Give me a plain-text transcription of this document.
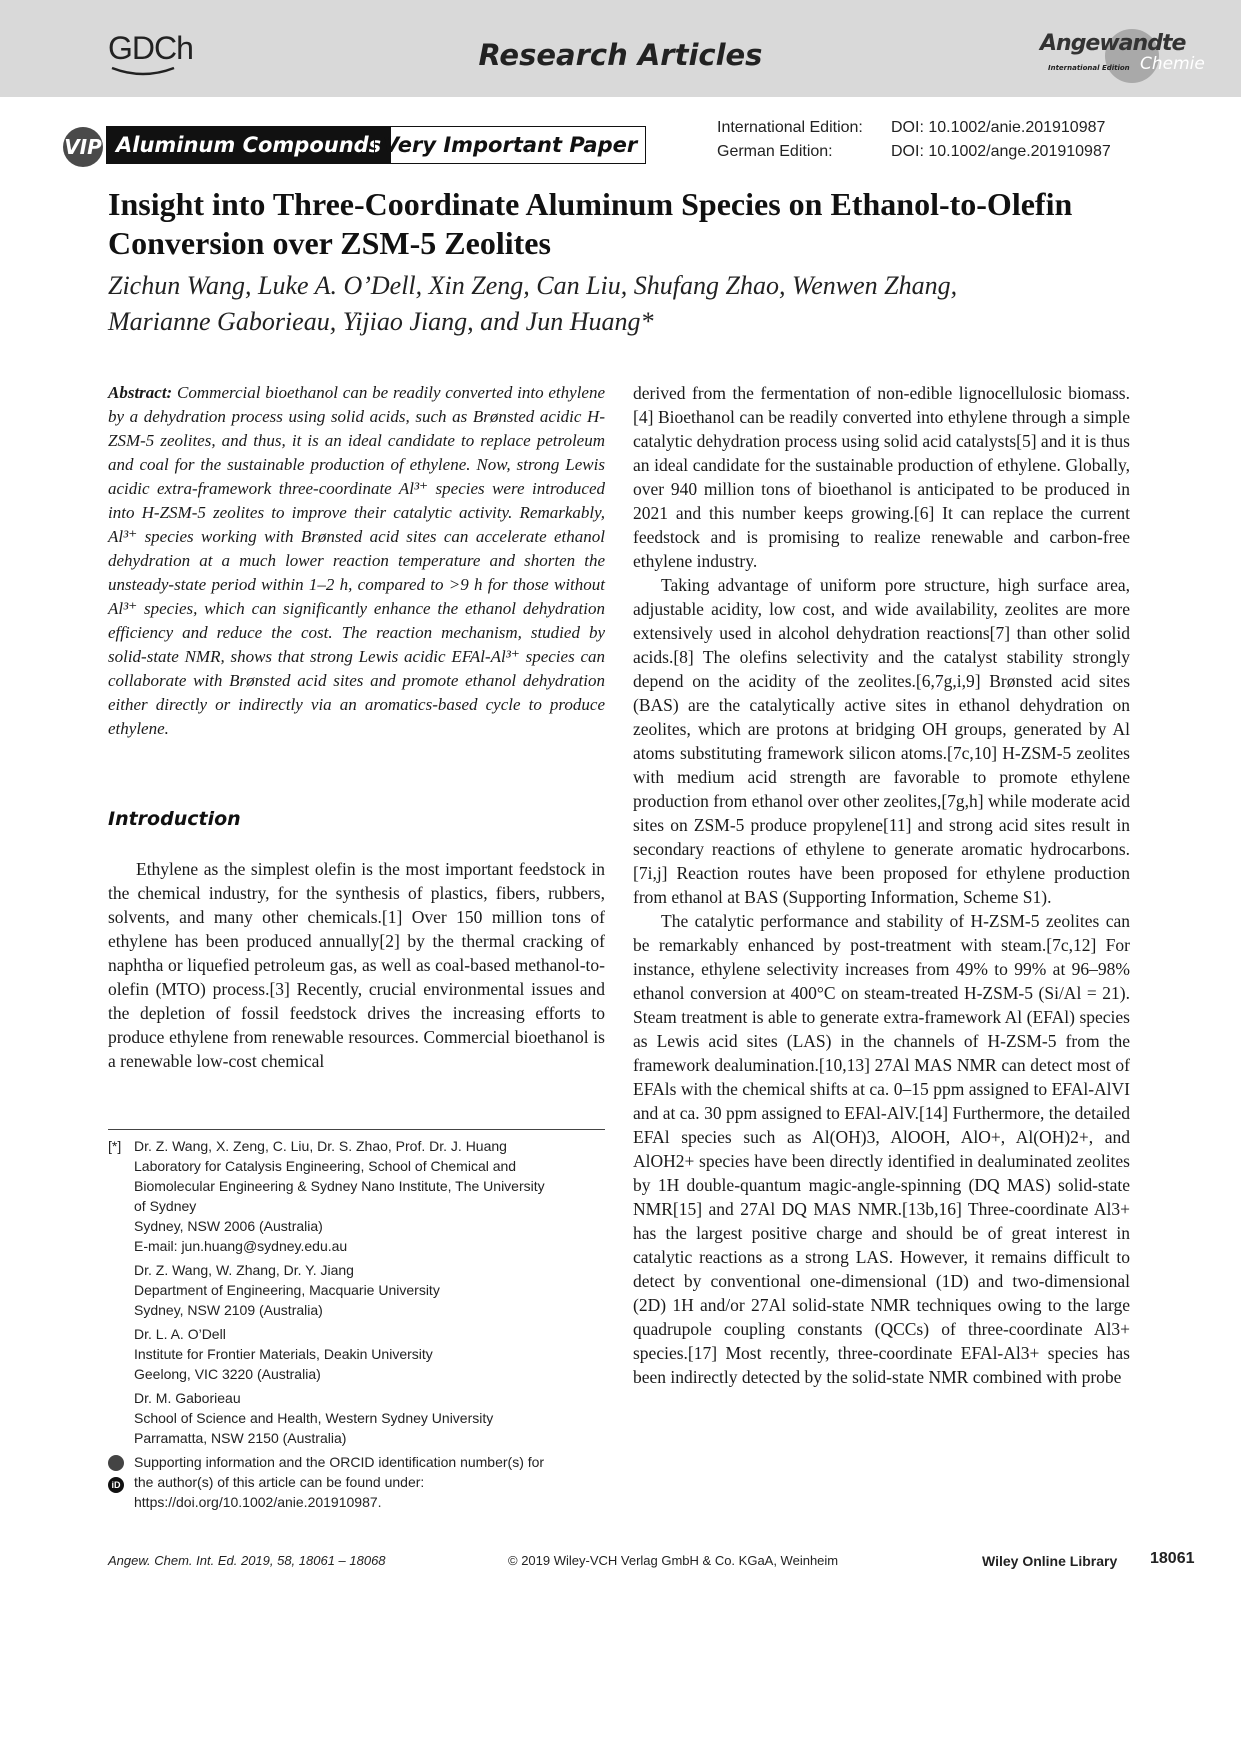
GDCh	Research Articles	Angewandte
International Edition Chemie
VIP Aluminum Compounds Very Important Paper
International Edition: DOI: 10.1002/anie.201910987
German Edition:	DOI: 10.1002/ange.201910987
Insight into Three-Coordinate Aluminum Species on Ethanol-to-Olefin Conversion over ZSM-5 Zeolites
Zichun Wang, Luke A. O’Dell, Xin Zeng, Can Liu, Shufang Zhao, Wenwen Zhang,
Marianne Gaborieau, Yijiao Jiang, and Jun Huang*

Abstract: Commercial bioethanol can be readily converted into ethylene by a dehydration process using solid acids, such as Brønsted acidic H-ZSM-5 zeolites, and thus, it is an ideal candidate to replace petroleum and coal for the sustainable production of ethylene. Now, strong Lewis acidic extra-framework three-coordinate Al³⁺ species were introduced into H-ZSM-5 zeolites to improve their catalytic activity. Remarkably, Al³⁺ species working with Brønsted acid sites can accelerate ethanol dehydration at a much lower reaction temperature and shorten the unsteady-state period within 1–2 h, compared to >9 h for those without Al³⁺ species, which can significantly enhance the ethanol dehydration efficiency and reduce the cost. The reaction mechanism, studied by solid-state NMR, shows that strong Lewis acidic EFAl-Al³⁺ species can collaborate with Brønsted acid sites and promote ethanol dehydration either directly or indirectly via an aromatics-based cycle to produce ethylene.

Introduction

Ethylene as the simplest olefin is the most important feedstock in the chemical industry, for the synthesis of plastics, fibers, rubbers, solvents, and many other chemicals.[1] Over 150 million tons of ethylene has been produced annually[2] by the thermal cracking of naphtha or liquefied petroleum gas, as well as coal-based methanol-to-olefin (MTO) process.[3] Recently, crucial environmental issues and the depletion of fossil feedstock drives the increasing efforts to produce ethylene from renewable resources. Commercial bioethanol is a renewable low-cost chemical

[*] Dr. Z. Wang, X. Zeng, C. Liu, Dr. S. Zhao, Prof. Dr. J. Huang
Laboratory for Catalysis Engineering, School of Chemical and
Biomolecular Engineering & Sydney Nano Institute, The University
of Sydney
Sydney, NSW 2006 (Australia)
E-mail: jun.huang@sydney.edu.au
Dr. Z. Wang, W. Zhang, Dr. Y. Jiang
Department of Engineering, Macquarie University
Sydney, NSW 2109 (Australia)
Dr. L. A. O’Dell
Institute for Frontier Materials, Deakin University
Geelong, VIC 3220 (Australia)
Dr. M. Gaborieau
School of Science and Health, Western Sydney University
Parramatta, NSW 2150 (Australia)
iD
Supporting information and the ORCID identification number(s) for
the author(s) of this article can be found under:
https://doi.org/10.1002/anie.201910987.

derived from the fermentation of non-edible lignocellulosic biomass.[4] Bioethanol can be readily converted into ethylene through a simple catalytic dehydration process using solid acid catalysts[5] and it is thus an ideal candidate for the sustainable production of ethylene. Globally, over 940 million tons of bioethanol is anticipated to be produced in 2021 and this number keeps growing.[6] It can replace the current feedstock and is promising to realize renewable and carbon-free ethylene industry.

Taking advantage of uniform pore structure, high surface area, adjustable acidity, low cost, and wide availability, zeolites are more extensively used in alcohol dehydration reactions[7] than other solid acids.[8] The olefins selectivity and the catalyst stability strongly depend on the acidity of the zeolites.[6,7g,i,9] Brønsted acid sites (BAS) are the catalytically active sites in ethanol dehydration on zeolites, which are protons at bridging OH groups, generated by Al atoms substituting framework silicon atoms.[7c,10] H-ZSM-5 zeolites with medium acid strength are favorable to promote ethylene production from ethanol over other zeolites,[7g,h] while moderate acid sites on ZSM-5 produce propylene[11] and strong acid sites result in secondary reactions of ethylene to generate aromatic hydrocarbons.[7i,j] Reaction routes have been proposed for ethylene production from ethanol at BAS (Supporting Information, Scheme S1).

The catalytic performance and stability of H-ZSM-5 zeolites can be remarkably enhanced by post-treatment with steam.[7c,12] For instance, ethylene selectivity increases from 49% to 99% at 96–98% ethanol conversion at 400°C on steam-treated H-ZSM-5 (Si/Al = 21). Steam treatment is able to generate extra-framework Al (EFAl) species as Lewis acid sites (LAS) in the channels of H-ZSM-5 from the framework dealumination.[10,13] 27Al MAS NMR can detect most of EFAls with the chemical shifts at ca. 0–15 ppm assigned to EFAl-AlVI and at ca. 30 ppm assigned to EFAl-AlV.[14] Furthermore, the detailed EFAl species such as Al(OH)3, AlOOH, AlO+, Al(OH)2+, and AlOH2+ species have been directly identified in dealuminated zeolites by 1H double-quantum magic-angle-spinning (DQ MAS) solid-state NMR[15] and 27Al DQ MAS NMR.[13b,16] Three-coordinate Al3+ has the largest positive charge and should be of great interest in catalytic reactions as a strong LAS. However, it remains difficult to detect by conventional one-dimensional (1D) and two-dimensional (2D) 1H and/or 27Al solid-state NMR techniques owing to the large quadrupole coupling constants (QCCs) of three-coordinate Al3+ species.[17] Most recently, three-coordinate EFAl-Al3+ species has been indirectly detected by the solid-state NMR combined with probe

Angew. Chem. Int. Ed. 2019, 58, 18061 – 18068	© 2019 Wiley-VCH Verlag GmbH & Co. KGaA, Weinheim	Wiley Online Library 18061
